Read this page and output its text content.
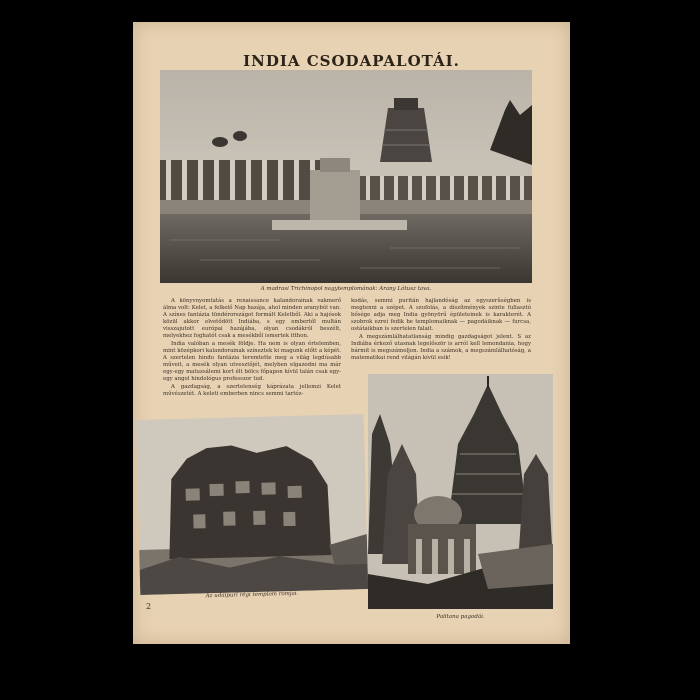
INDIA CSODAPALOTÁI.
A madrasi Trichinopol nagytemplomának: Arany Lótusz tava.

A könyvnyomtatás a renaissance kalandorainak vakmerő álma volt: Kelet, a felkelő Nap hazája, ahol minden aranyból van. A színes fantázia tündérországot formált Keletből. Aki a hajósok közül akkor elvetődött Indiába, s egy embertől multán visszajutott európai hazájába, olyan csodákról beszélt, melyekhez foghatót csak a mesékből ismertek itthon.

India valóban a mesék földje. Ha nem is olyan értelemben, mint középkori kalandorainak színeztek ki magunk előtt a képét. A szertelen hindu fantázia teremtette meg a világ legdúsabb műveit, a mesék olyan utvesztőjét, melyben elgazodni ma már egy-egy matuzsálemi kort élt bölcs főpapon kívül talán csak egy-egy angol hindológus professzor tud.

A gazdagság, a szertelenség káprázata jellemzi Kelet művészetét. A keleti emberben nincs semmi tartóz-

kodás, semmi puritán hajlandóság az egyszerűségben is megtenni a szépet. A szufolás, a díszítmények szinte fullasztó bősége adja meg India gyönyörű épületeinek is karakterét. A szobrok ezrei fedik be templomaiknak — pagodáiknak — furcsa, ostátaikban is szertelen falait.

A megszámlálhatatlanság mindig gazdagságot jelent. S az Indiába érkező utasnak legelőször is arról kell lemondania, hogy bármit is megszámoljon. India a számok, a megszámlálhatóság, a matematikai rend világán kívül esik!

Az udaipuri régi templom romjai.
Palitana pagodái.
2
